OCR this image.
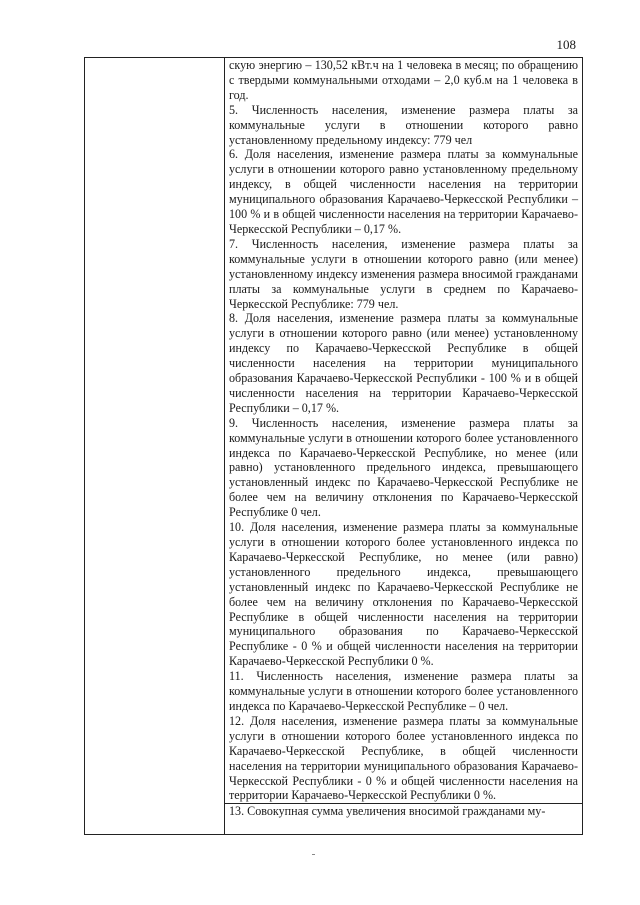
108

скую энергию – 130,52 кВт.ч на 1 человека в месяц; по обращению с твердыми коммунальными отходами – 2,0 куб.м на 1 человека в год.

5. Численность населения, изменение размера платы за коммунальные услуги в отношении которого равно установленному предельному индексу: 779 чел

6. Доля населения, изменение размера платы за коммунальные услуги в отношении которого равно установленному предельному индексу, в общей численности населения на территории муниципального образования Карачаево-Черкесской Республики – 100 % и в общей численности населения на территории Карачаево-Черкесской Республики – 0,17 %.

7. Численность населения, изменение размера платы за коммунальные услуги в отношении которого равно (или менее) установленному индексу изменения размера вносимой гражданами платы за коммунальные услуги в среднем по Карачаево-Черкесской Республике: 779 чел.

8. Доля населения, изменение размера платы за коммунальные услуги в отношении которого равно (или менее) установленному индексу по Карачаево-Черкесской Республике в общей численности населения на территории муниципального образования Карачаево-Черкесской Республики - 100 % и в общей численности населения на территории Карачаево-Черкесской Республики – 0,17 %.

9. Численность населения, изменение размера платы за коммунальные услуги в отношении которого более установленного индекса по Карачаево-Черкесской Республике, но менее (или равно) установленного предельного индекса, превышающего установленный индекс по Карачаево-Черкесской Республике не более чем на величину отклонения по Карачаево-Черкесской Республике 0 чел.

10. Доля населения, изменение размера платы за коммунальные услуги в отношении которого более установленного индекса по Карачаево-Черкесской Республике, но менее (или равно) установленного предельного индекса, превышающего установленный индекс по Карачаево-Черкесской Республике не более чем на величину отклонения по Карачаево-Черкесской Республике в общей численности населения на территории муниципального образования по Карачаево-Черкесской Республике - 0 % и общей численности населения на территории Карачаево-Черкесской Республики 0 %.

11. Численность населения, изменение размера платы за коммунальные услуги в отношении которого более установленного индекса по Карачаево-Черкесской Республике – 0 чел.

12. Доля населения, изменение размера платы за коммунальные услуги в отношении которого более установленного индекса по Карачаево-Черкесской Республике, в общей численности населения на территории муниципального образования Карачаево-Черкесской Республики - 0 % и общей численности населения на территории Карачаево-Черкесской Республики 0 %.

13. Совокупная сумма увеличения вносимой гражданами му-
